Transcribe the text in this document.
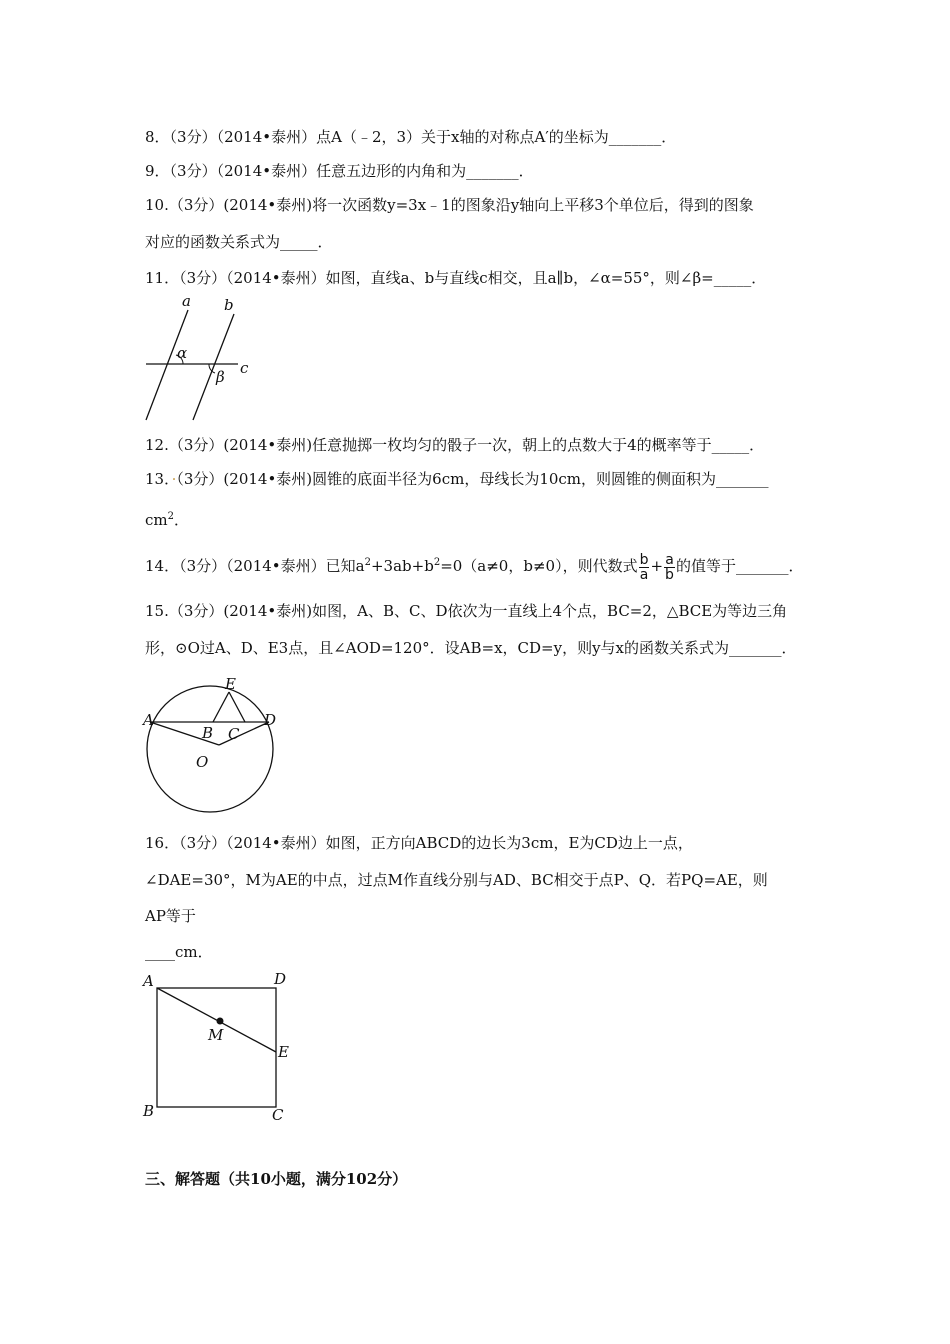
8．（3分）（2014•泰州）点A（﹣2，3）关于x轴的对称点A′的坐标为_______．
9．（3分）（2014•泰州）任意五边形的内角和为_______．
10.（3分）(2014•泰州)将一次函数y=3x﹣1的图象沿y轴向上平移3个单位后，得到的图象
对应的函数关系式为_____．
11．（3分）（2014•泰州）如图，直线a、b与直线c相交，且a∥b，∠α=55°，则∠β=_____．
a b
c
α
β
12.（3分）(2014•泰州)任意抛掷一枚均匀的骰子一次，朝上的点数大于4的概率等于_____．
13．·（3分）(2014•泰州)圆锥的底面半径为6cm，母线长为10cm，则圆锥的侧面积为_______
$cm^2$．
14．（3分）（2014•泰州）已知$a^2+3ab+b^2=0(a\ne 0$，b≠0），则代数式 $\frac{b}{a} + \frac{a}{b}$ 的值等于_______．
15.（3分）(2014•泰州)如图，A、B、C、D依次为一直线上4个点，BC=2，△BCE为等边三角
形，⊙O过A、D、E3点，且∠AOD=120°．设AB=x，CD=y，则y与x的函数关系式为_______．
A
B C
D
E
O
16．（3分）（2014•泰州）如图，正方向ABCD的边长为3cm，E为CD边上一点，
∠DAE=30°，M为AE的中点，过点M作直线分别与AD、BC相交于点P、Q．若PQ=AE，则
AP等于
____cm．
A	D
E
M
B	C
三、解答题（共10小题，满分102分）
